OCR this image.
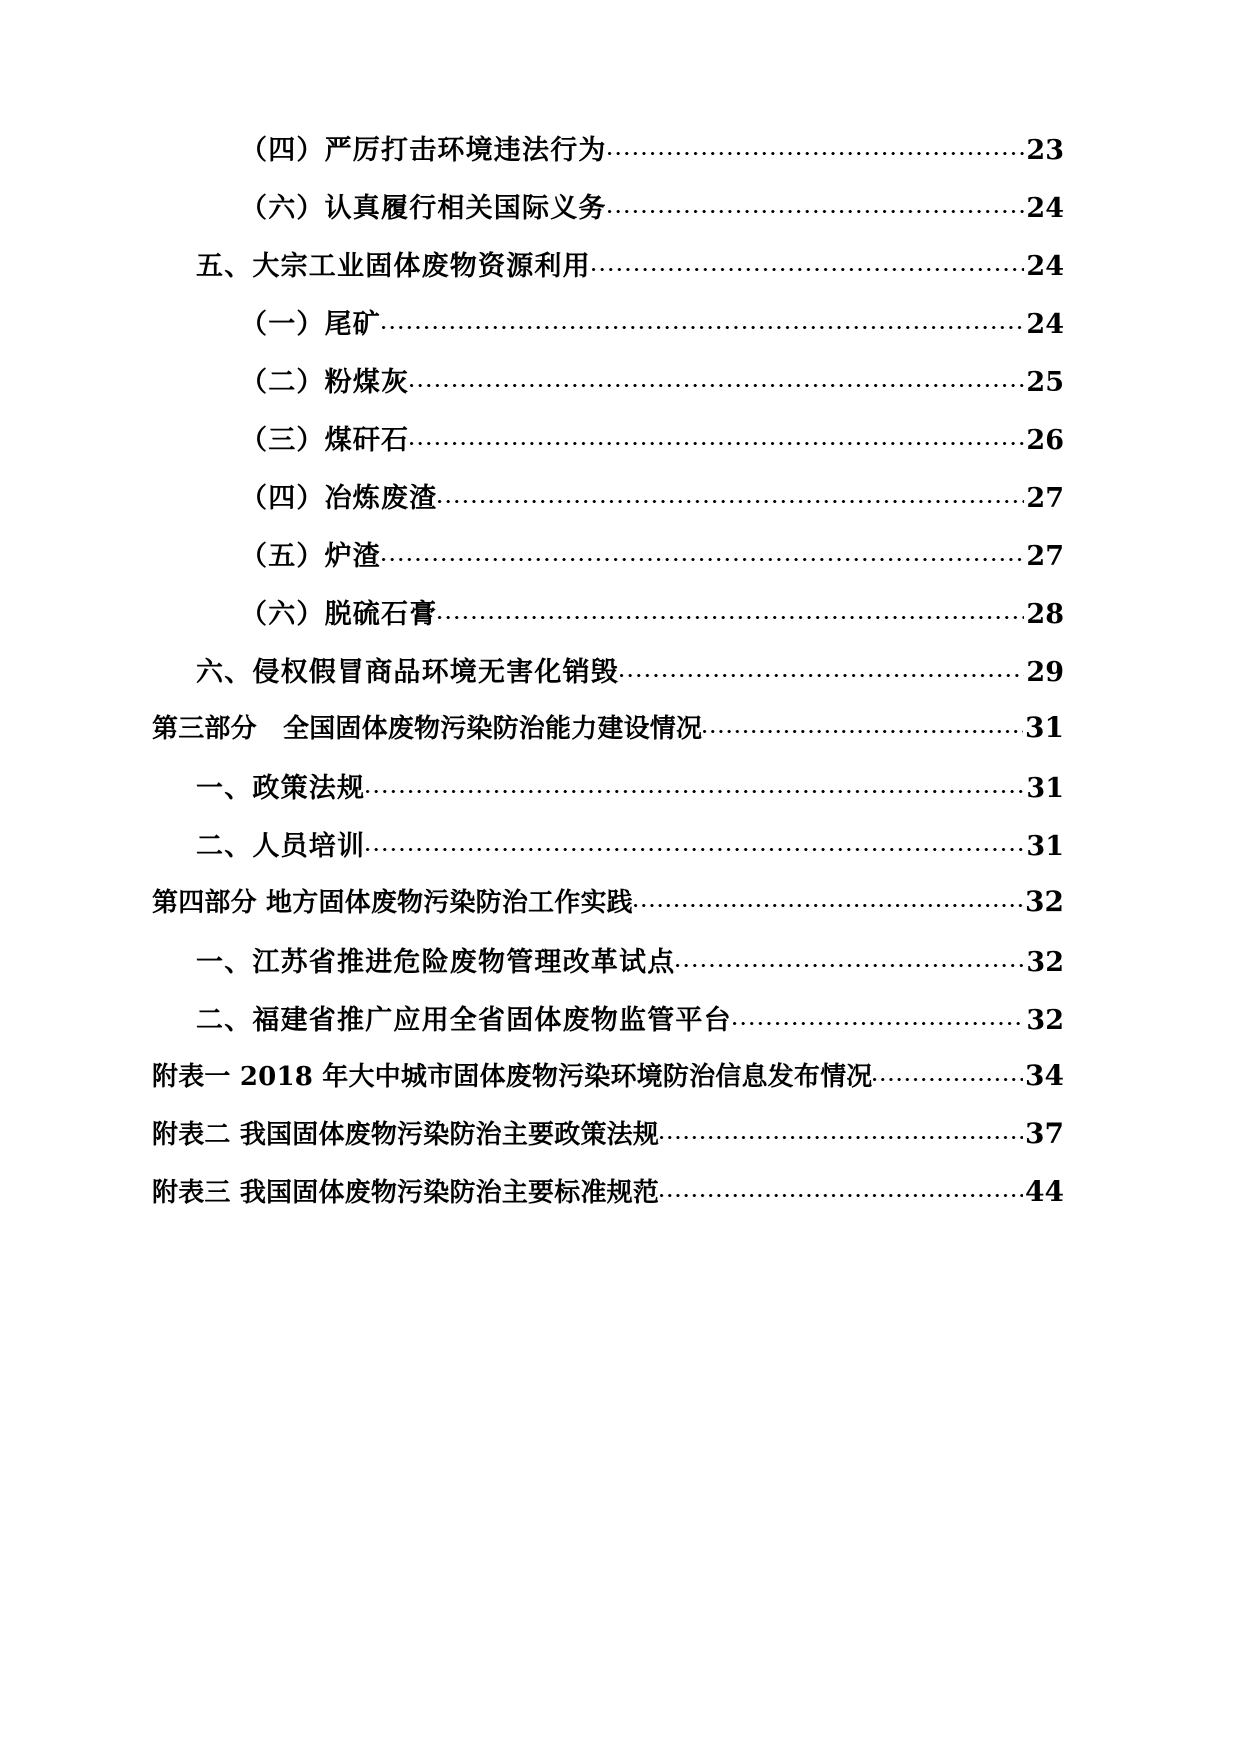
（四）严厉打击环境违法行为	23
（六）认真履行相关国际义务	24
五、大宗工业固体废物资源利用	24
（一）尾矿	24
（二）粉煤灰	25
（三）煤矸石	26
（四）冶炼废渣	27
（五）炉渣	27
（六）脱硫石膏	28
六、侵权假冒商品环境无害化销毁	29
第三部分　全国固体废物污染防治能力建设情况	31
一、政策法规	31
二、人员培训	31
第四部分 地方固体废物污染防治工作实践	32
一、江苏省推进危险废物管理改革试点	32
二、福建省推广应用全省固体废物监管平台	32
附表一 2018 年大中城市固体废物污染环境防治信息发布情况	34
附表二 我国固体废物污染防治主要政策法规	37
附表三 我国固体废物污染防治主要标准规范	44
